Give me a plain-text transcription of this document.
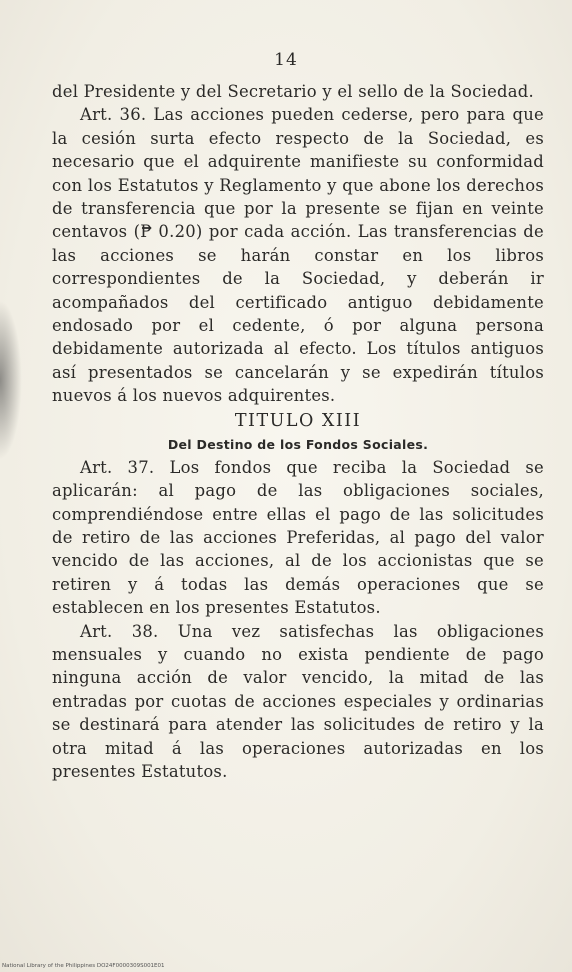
14

del Presidente y del Secretario y el sello de la Sociedad.

Art. 36. Las acciones pueden cederse, pero para que la cesión surta efecto respecto de la Sociedad, es necesario que el adquirente manifieste su conformidad con los Estatutos y Reglamento y que abone los derechos de transferencia que por la presente se fijan en veinte centavos (₱ 0.20) por cada acción. Las transferencias de las acciones se harán constar en los libros correspondientes de la Sociedad, y deberán ir acompañados del certificado antiguo debidamente endosado por el cedente, ó por alguna persona debidamente autorizada al efecto. Los títulos antiguos así presentados se cancelarán y se expedirán títulos nuevos á los nuevos adquirentes.

TITULO XIII

Del Destino de los Fondos Sociales.

Art. 37. Los fondos que reciba la Sociedad se aplicarán: al pago de las obligaciones sociales, comprendiéndose entre ellas el pago de las solicitudes de retiro de las acciones Preferidas, al pago del valor vencido de las acciones, al de los accionistas que se retiren y á todas las demás operaciones que se establecen en los presentes Estatutos.

Art. 38. Una vez satisfechas las obligaciones mensuales y cuando no exista pendiente de pago ninguna acción de valor vencido, la mitad de las entradas por cuotas de acciones especiales y ordinarias se destinará para atender las solicitudes de retiro y la otra mitad á las operaciones autorizadas en los presentes Estatutos.

National Library of the Philippines DO24F0000309S001E01
